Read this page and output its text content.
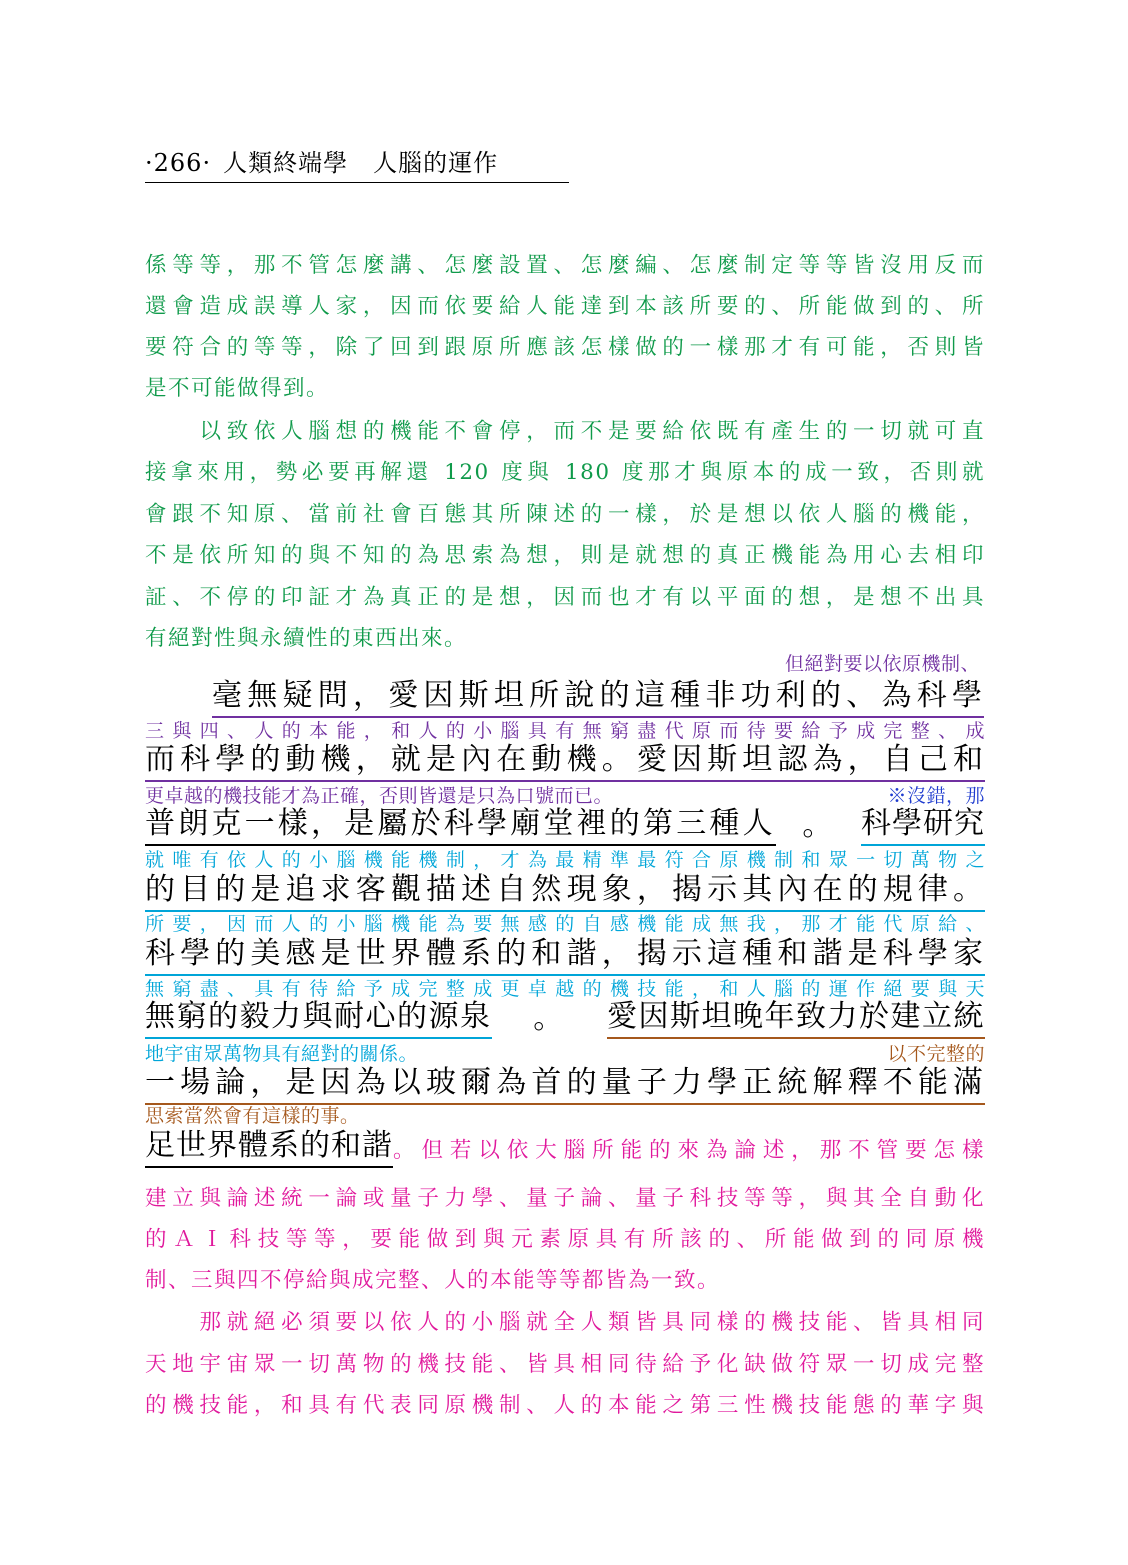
·266· 人類終端學　人腦的運作
係等等，那不管怎麼講、怎麼設置、怎麼編、怎麼制定等等皆沒用反而
還會造成誤導人家，因而依要給人能達到本該所要的、所能做到的、所
要符合的等等，除了回到跟原所應該怎樣做的一樣那才有可能，否則皆
是不可能做得到。
　　以致依人腦想的機能不會停，而不是要給依既有產生的一切就可直
接拿來用，勢必要再解還 120 度與 180 度那才與原本的成一致，否則就
會跟不知原、當前社會百態其所陳述的一樣，於是想以依人腦的機能，
不是依所知的與不知的為思索為想，則是就想的真正機能為用心去相印
証、不停的印証才為真正的是想，因而也才有以平面的想，是想不出具
有絕對性與永續性的東西出來。
但絕對要以依原機制、
毫無疑問，愛因斯坦所說的這種非功利的、為科學
三與四、人的本能，和人的小腦具有無窮盡代原而待要給予成完整、成
而科學的動機，就是內在動機。愛因斯坦認為，自己和
更卓越的機技能才為正確，否則皆還是只為口號而已。	※沒錯，那
普朗克一樣，是屬於科學廟堂裡的第三種人 。 科學研究
就唯有依人的小腦機能機制，才為最精準最符合原機制和眾一切萬物之
的目的是追求客觀描述自然現象，揭示其內在的規律。
所要，因而人的小腦機能為要無感的自感機能成無我，那才能代原給、
科學的美感是世界體系的和諧，揭示這種和諧是科學家
無窮盡、具有待給予成完整成更卓越的機技能，和人腦的運作絕要與天
無窮的毅力與耐心的源泉 。 愛因斯坦晚年致力於建立統
地宇宙眾萬物具有絕對的關係。	以不完整的
一場論，是因為以玻爾為首的量子力學正統解釋不能滿
思索當然會有這樣的事。
足世界體系的和諧 。但若以依大腦所能的來為論述，那不管要怎樣
建立與論述統一論或量子力學、量子論、量子科技等等，與其全自動化
的ＡＩ科技等等，要能做到與元素原具有所該的、所能做到的同原機
制、三與四不停給與成完整、人的本能等等都皆為一致。
　　那就絕必須要以依人的小腦就全人類皆具同樣的機技能、皆具相同
天地宇宙眾一切萬物的機技能、皆具相同待給予化缺做符眾一切成完整
的機技能，和具有代表同原機制、人的本能之第三性機技能態的華字與
